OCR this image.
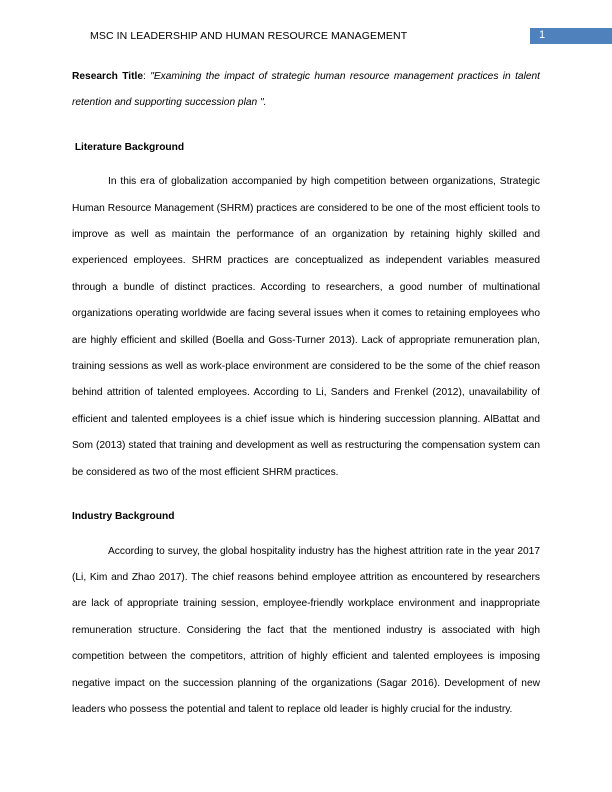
MSC IN LEADERSHIP AND HUMAN RESOURCE MANAGEMENT	1

Research Title: "Examining the impact of strategic human resource management practices in talent retention and supporting succession plan ".

Literature Background

In this era of globalization accompanied by high competition between organizations, Strategic Human Resource Management (SHRM) practices are considered to be one of the most efficient tools to improve as well as maintain the performance of an organization by retaining highly skilled and experienced employees. SHRM practices are conceptualized as independent variables measured through a bundle of distinct practices. According to researchers, a good number of multinational organizations operating worldwide are facing several issues when it comes to retaining employees who are highly efficient and skilled (Boella and Goss-Turner 2013). Lack of appropriate remuneration plan, training sessions as well as work-place environment are considered to be the some of the chief reason behind attrition of talented employees. According to Li, Sanders and Frenkel (2012), unavailability of efficient and talented employees is a chief issue which is hindering succession planning. AlBattat and Som (2013) stated that training and development as well as restructuring the compensation system can be considered as two of the most efficient SHRM practices.

Industry Background

According to survey, the global hospitality industry has the highest attrition rate in the year 2017 (Li, Kim and Zhao 2017). The chief reasons behind employee attrition as encountered by researchers are lack of appropriate training session, employee-friendly workplace environment and inappropriate remuneration structure. Considering the fact that the mentioned industry is associated with high competition between the competitors, attrition of highly efficient and talented employees is imposing negative impact on the succession planning of the organizations (Sagar 2016). Development of new leaders who possess the potential and talent to replace old leader is highly crucial for the industry.
